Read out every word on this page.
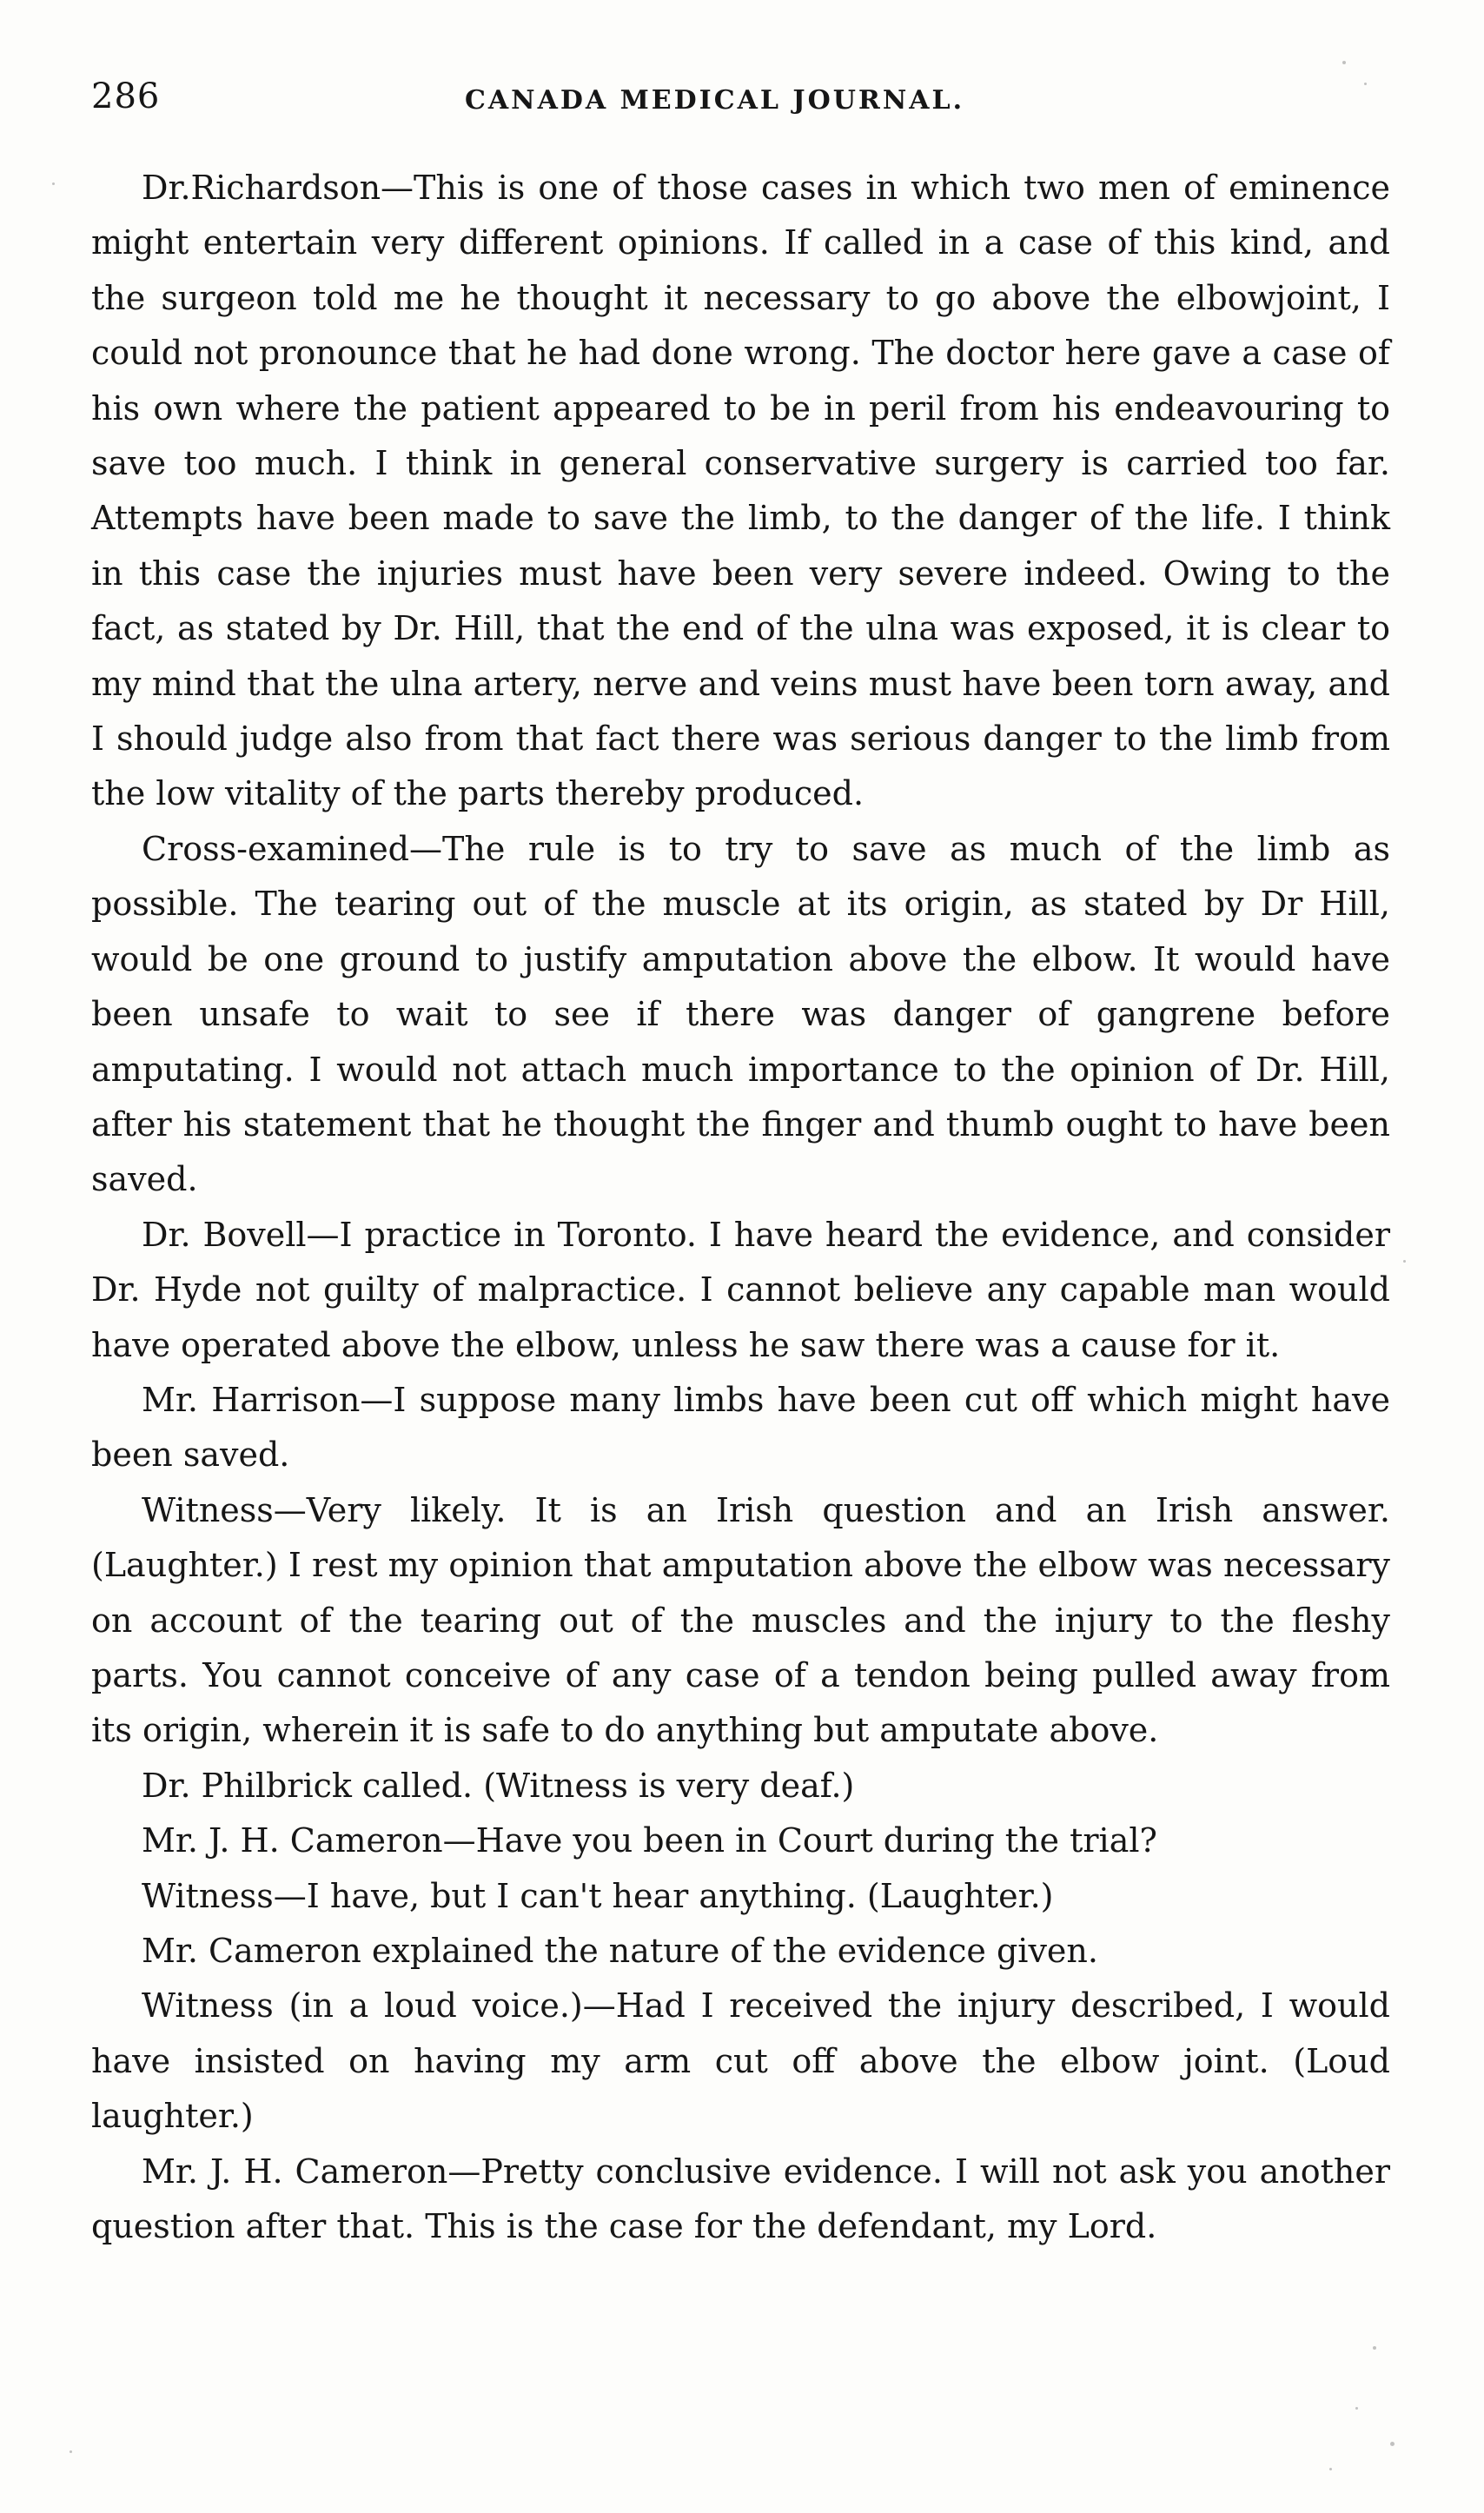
286	CANADA MEDICAL JOURNAL.

Dr.Richardson—This is one of those cases in which two men of eminence might entertain very different opinions. If called in a case of this kind, and the surgeon told me he thought it necessary to go above the elbowjoint, I could not pronounce that he had done wrong. The doctor here gave a case of his own where the patient appeared to be in peril from his endeavouring to save too much. I think in general conservative surgery is carried too far. Attempts have been made to save the limb, to the danger of the life. I think in this case the injuries must have been very severe indeed. Owing to the fact, as stated by Dr. Hill, that the end of the ulna was exposed, it is clear to my mind that the ulna artery, nerve and veins must have been torn away, and I should judge also from that fact there was serious danger to the limb from the low vitality of the parts thereby produced.

Cross-examined—The rule is to try to save as much of the limb as possible. The tearing out of the muscle at its origin, as stated by Dr Hill, would be one ground to justify amputation above the elbow. It would have been unsafe to wait to see if there was danger of gangrene before amputating. I would not attach much importance to the opinion of Dr. Hill, after his statement that he thought the finger and thumb ought to have been saved.

Dr. Bovell—I practice in Toronto. I have heard the evidence, and consider Dr. Hyde not guilty of malpractice. I cannot believe any capable man would have operated above the elbow, unless he saw there was a cause for it.

Mr. Harrison—I suppose many limbs have been cut off which might have been saved.

Witness—Very likely. It is an Irish question and an Irish answer. (Laughter.) I rest my opinion that amputation above the elbow was necessary on account of the tearing out of the muscles and the injury to the fleshy parts. You cannot conceive of any case of a tendon being pulled away from its origin, wherein it is safe to do anything but amputate above.

Dr. Philbrick called. (Witness is very deaf.)

Mr. J. H. Cameron—Have you been in Court during the trial?

Witness—I have, but I can't hear anything. (Laughter.)

Mr. Cameron explained the nature of the evidence given.

Witness (in a loud voice.)—Had I received the injury described, I would have insisted on having my arm cut off above the elbow joint. (Loud laughter.)

Mr. J. H. Cameron—Pretty conclusive evidence. I will not ask you another question after that. This is the case for the defendant, my Lord.
